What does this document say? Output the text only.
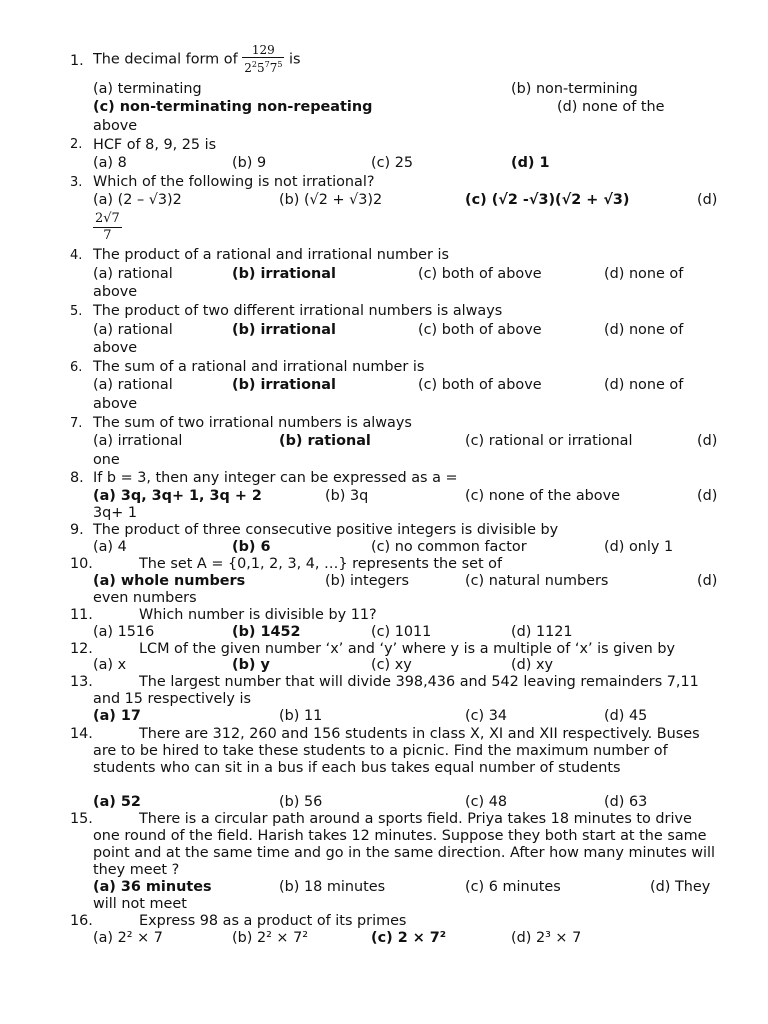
1. The decimal form of $\frac{129}{2^25^77^5}$ is
(a) terminating	(b) non-termining
(c) non-terminating non-repeating	(d) none of the
above
2. HCF of 8, 9, 25 is
(a) 8	(b) 9	(c) 25	(d) 1
3. Which of the following is not irrational?
(a) (2 – √3)2	(b) (√2 + √3)2	(c) (√2 -√3)(√2 + √3)	(d)
$\frac{2√7}{7}$
4. The product of a rational and irrational number is
(a) rational	(b) irrational	(c) both of above	(d) none of
above
5. The product of two different irrational numbers is always
(a) rational	(b) irrational	(c) both of above	(d) none of
above
6. The sum of a rational and irrational number is
(a) rational	(b) irrational	(c) both of above	(d) none of
above
7. The sum of two irrational numbers is always
(a) irrational	(b) rational	(c) rational or irrational	(d)
one
8. If b = 3, then any integer can be expressed as a =
(a) 3q, 3q+ 1, 3q + 2	(b) 3q	(c) none of the above	(d)
3q+ 1
9. The product of three consecutive positive integers is divisible by
(a) 4	(b) 6	(c) no common factor	(d) only 1
10.	The set A = {0,1, 2, 3, 4, …} represents the set of
(a) whole numbers	(b) integers	(c) natural numbers	(d)
even numbers
11.	Which number is divisible by 11?
(a) 1516	(b) 1452	(c) 1011	(d) 1121
12.	LCM of the given number ‘x’ and ‘y’ where y is a multiple of ‘x’ is given by
(a) x	(b) y	(c) xy	(d) xy
13.	The largest number that will divide 398,436 and 542 leaving remainders 7,11 and 15 respectively is
(a) 17	(b) 11	(c) 34	(d) 45
14.	There are 312, 260 and 156 students in class X, XI and XII respectively. Buses are to be hired to take these students to a picnic. Find the maximum number of students who can sit in a bus if each bus takes equal number of students
(a) 52	(b) 56	(c) 48	(d) 63
15.	There is a circular path around a sports field. Priya takes 18 minutes to drive one round of the field. Harish takes 12 minutes. Suppose they both start at the same point and at the same time and go in the same direction. After how many minutes will they meet ?
(a) 36 minutes	(b) 18 minutes	(c) 6 minutes	(d) They
will not meet
16.	Express 98 as a product of its primes
(a) 2² × 7	(b) 2² × 7²	(c) 2 × 7²	(d) 2³ × 7
